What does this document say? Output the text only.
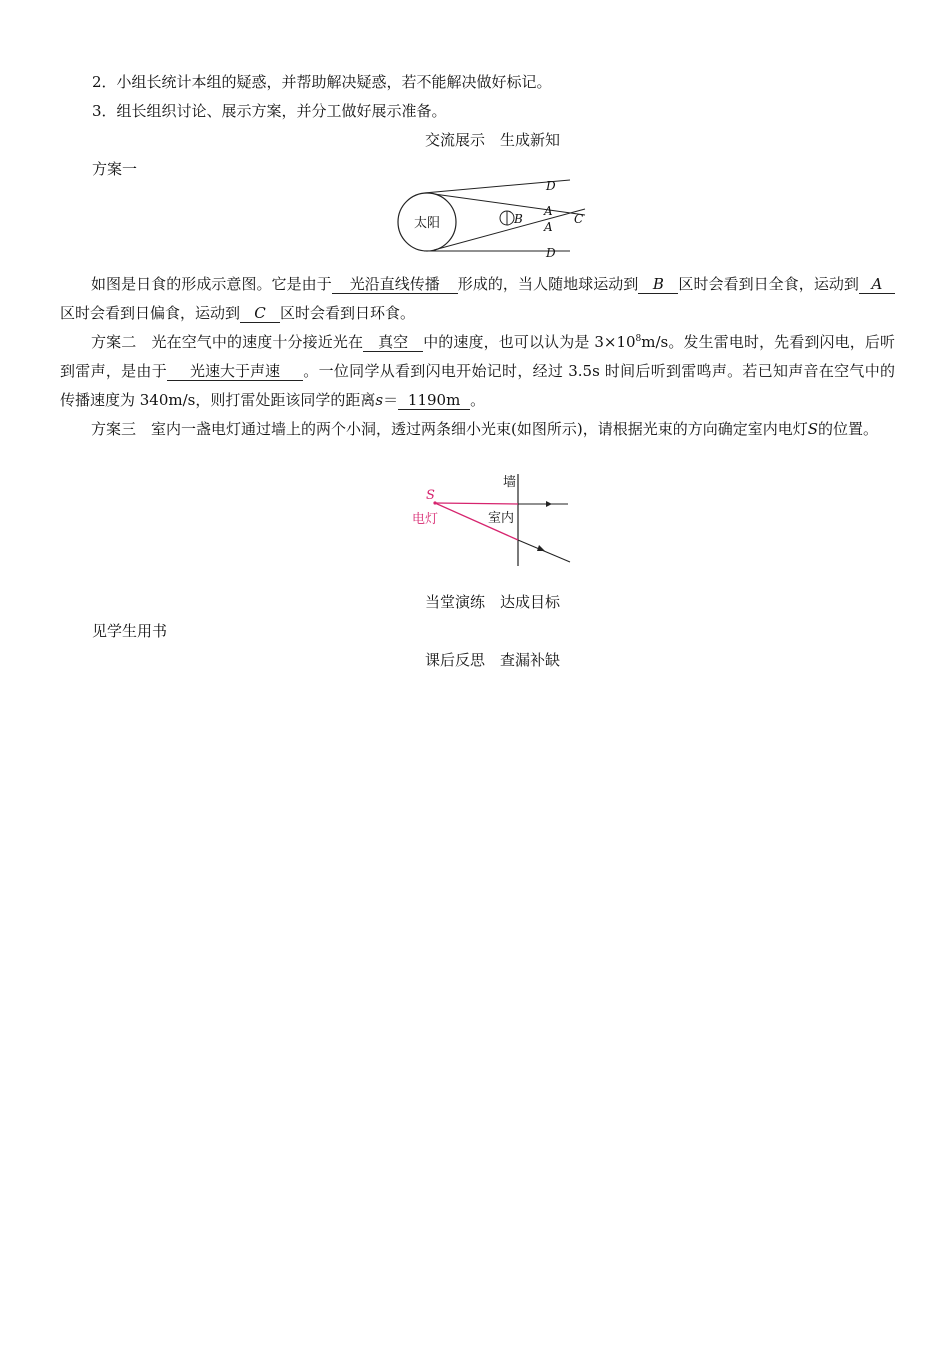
2．小组长统计本组的疑惑，并帮助解决疑惑，若不能解决做好标记。
3．组长组织讨论、展示方案，并分工做好展示准备。
交流展示　生成新知
方案一
太阳
D
A
B	C
A
D
如图是日食的形成示意图。它是由于 光沿直线传播 形成的，当人随地球运动到 B 区时会看到日全食，运动到 A区时会看到日偏食，运动到 C 区时会看到日环食。
方案二　光在空气中的速度十分接近光在 真空 中的速度，也可以认为是 $3\times 10^8m/s$。发生雷电时，先看到闪电，后听到雷声，是由于 光速大于声速 。一位同学从看到闪电开始记时，经过 3.5s 时间后听到雷鸣声。若已知声音在空气中的传播速度为 340m/s，则打雷处距该同学的距离s＝ 1190m 。
方案三　室内一盏电灯通过墙上的两个小洞，透过两条细小光束(如图所示)，请根据光束的方向确定室内电灯S的位置。
S
电灯
墙
室内
当堂演练　达成目标
见学生用书
课后反思　查漏补缺
